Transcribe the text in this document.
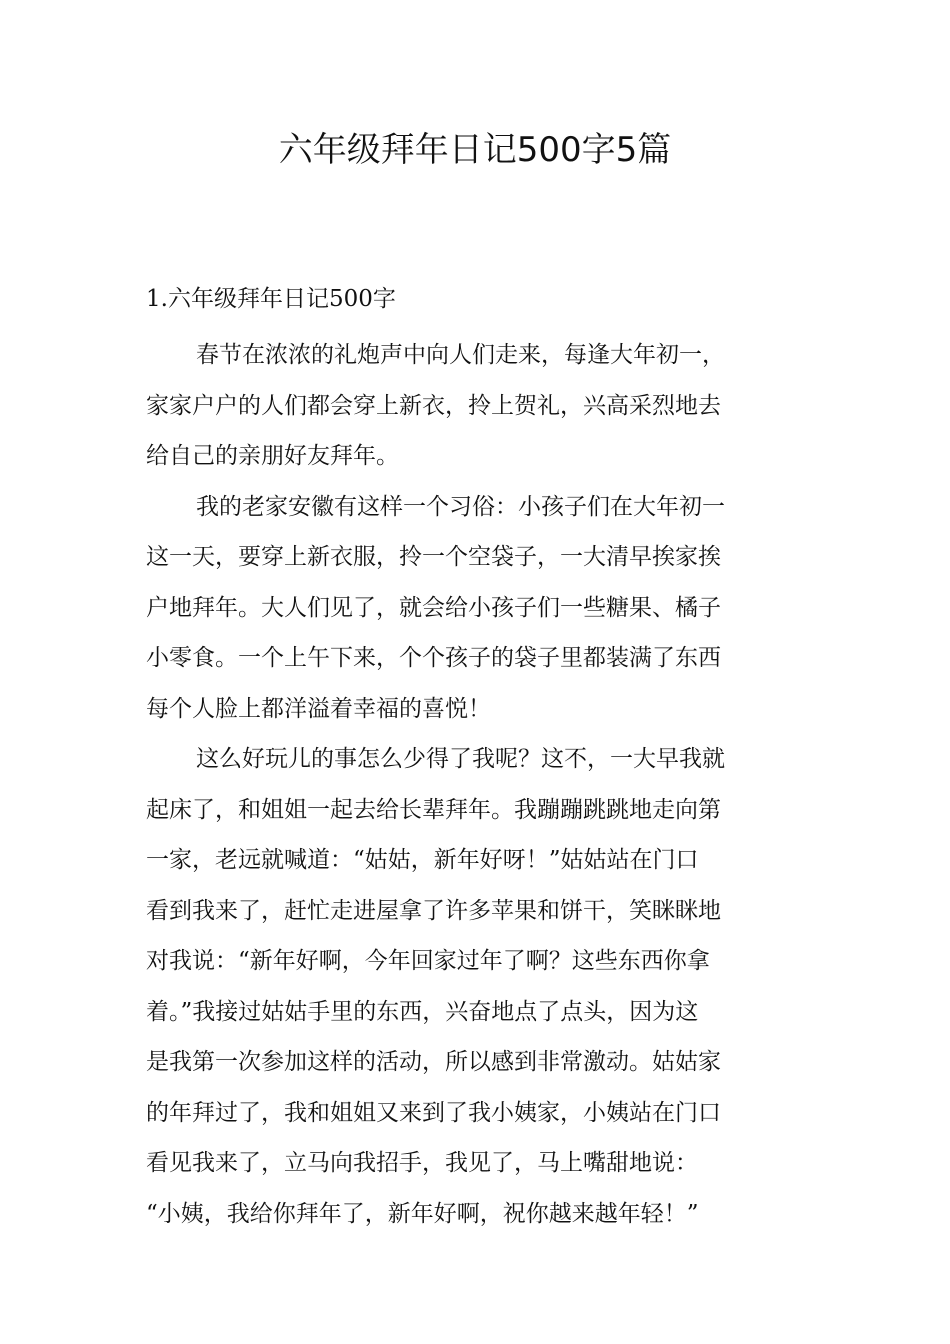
六年级拜年日记500字5篇
1.六年级拜年日记500字

春节在浓浓的礼炮声中向人们走来，每逢大年初一，
家家户户的人们都会穿上新衣，拎上贺礼，兴高采烈地去
给自己的亲朋好友拜年。

我的老家安徽有这样一个习俗：小孩子们在大年初一
这一天，要穿上新衣服，拎一个空袋子，一大清早挨家挨
户地拜年。大人们见了，就会给小孩子们一些糖果、橘子
小零食。一个上午下来，个个孩子的袋子里都装满了东西
每个人脸上都洋溢着幸福的喜悦！

这么好玩儿的事怎么少得了我呢？这不，一大早我就
起床了，和姐姐一起去给长辈拜年。我蹦蹦跳跳地走向第
一家，老远就喊道：“姑姑，新年好呀！”姑姑站在门口
看到我来了，赶忙走进屋拿了许多苹果和饼干，笑眯眯地
对我说：“新年好啊，今年回家过年了啊？这些东西你拿
着。”我接过姑姑手里的东西，兴奋地点了点头，因为这
是我第一次参加这样的活动，所以感到非常激动。姑姑家
的年拜过了，我和姐姐又来到了我小姨家，小姨站在门口
看见我来了，立马向我招手，我见了，马上嘴甜地说：
“小姨，我给你拜年了，新年好啊，祝你越来越年轻！”
